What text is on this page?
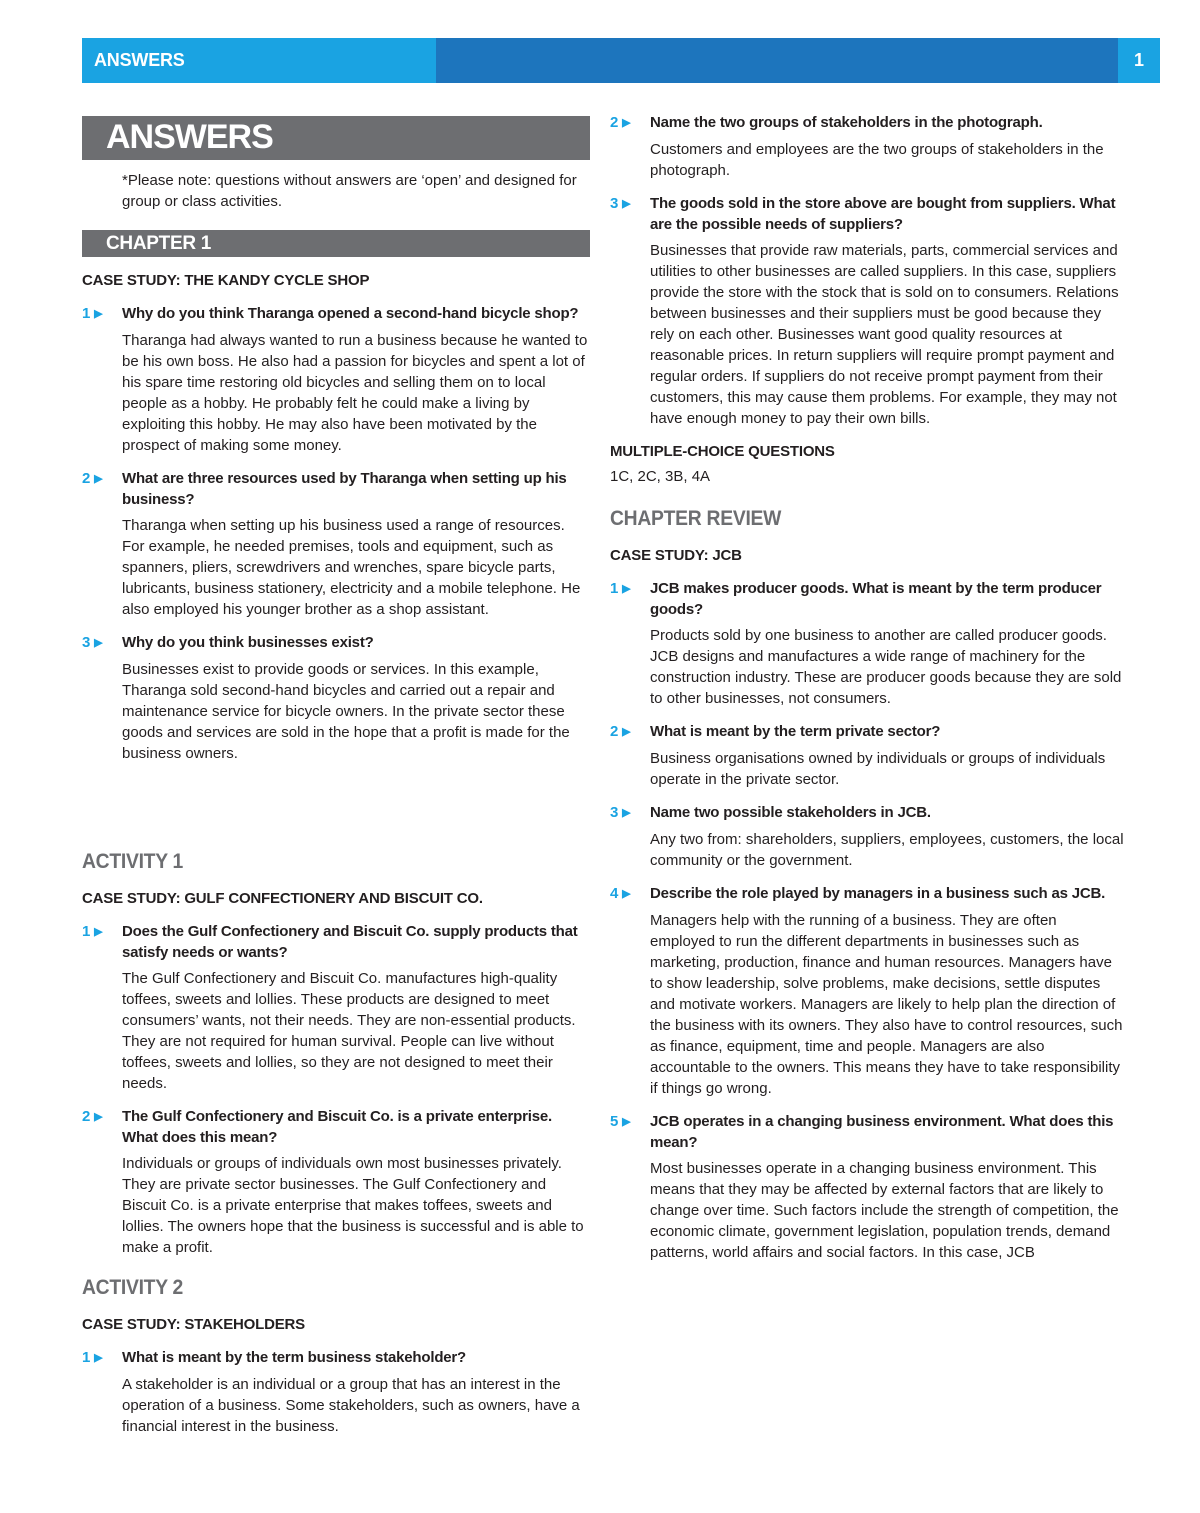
ANSWERS	1
ANSWERS
*Please note: questions without answers are ‘open’ and designed for group or class activities.
CHAPTER 1
CASE STUDY: THE KANDY CYCLE SHOP
1 ▶	Why do you think Tharanga opened a second-hand bicycle shop?
Tharanga had always wanted to run a business because he wanted to be his own boss. He also had a passion for bicycles and spent a lot of his spare time restoring old bicycles and selling them on to local people as a hobby. He probably felt he could make a living by exploiting this hobby. He may also have been motivated by the prospect of making some money.
2 ▶	What are three resources used by Tharanga when setting up his business?
Tharanga when setting up his business used a range of resources. For example, he needed premises, tools and equipment, such as spanners, pliers, screwdrivers and wrenches, spare bicycle parts, lubricants, business stationery, electricity and a mobile telephone. He also employed his younger brother as a shop assistant.
3 ▶	Why do you think businesses exist?
Businesses exist to provide goods or services. In this example, Tharanga sold second-hand bicycles and carried out a repair and maintenance service for bicycle owners. In the private sector these goods and services are sold in the hope that a profit is made for the business owners.
ACTIVITY 1
CASE STUDY: GULF CONFECTIONERY AND BISCUIT CO.
1 ▶	Does the Gulf Confectionery and Biscuit Co. supply products that satisfy needs or wants?
The Gulf Confectionery and Biscuit Co. manufactures high-quality toffees, sweets and lollies. These products are designed to meet consumers’ wants, not their needs. They are non-essential products. They are not required for human survival. People can live without toffees, sweets and lollies, so they are not designed to meet their needs.
2 ▶	The Gulf Confectionery and Biscuit Co. is a private enterprise. What does this mean?
Individuals or groups of individuals own most businesses privately. They are private sector businesses. The Gulf Confectionery and Biscuit Co. is a private enterprise that makes toffees, sweets and lollies. The owners hope that the business is successful and is able to make a profit.
ACTIVITY 2
CASE STUDY: STAKEHOLDERS
1 ▶	What is meant by the term business stakeholder?
A stakeholder is an individual or a group that has an interest in the operation of a business. Some stakeholders, such as owners, have a financial interest in the business.
2 ▶	Name the two groups of stakeholders in the photograph.
Customers and employees are the two groups of stakeholders in the photograph.
3 ▶	The goods sold in the store above are bought from suppliers. What are the possible needs of suppliers?
Businesses that provide raw materials, parts, commercial services and utilities to other businesses are called suppliers. In this case, suppliers provide the store with the stock that is sold on to consumers. Relations between businesses and their suppliers must be good because they rely on each other. Businesses want good quality resources at reasonable prices. In return suppliers will require prompt payment and regular orders. If suppliers do not receive prompt payment from their customers, this may cause them problems. For example, they may not have enough money to pay their own bills.
MULTIPLE-CHOICE QUESTIONS
1C, 2C, 3B, 4A
CHAPTER REVIEW
CASE STUDY: JCB
1 ▶	JCB makes producer goods. What is meant by the term producer goods?
Products sold by one business to another are called producer goods. JCB designs and manufactures a wide range of machinery for the construction industry. These are producer goods because they are sold to other businesses, not consumers.
2 ▶	What is meant by the term private sector?
Business organisations owned by individuals or groups of individuals operate in the private sector.
3 ▶	Name two possible stakeholders in JCB.
Any two from: shareholders, suppliers, employees, customers, the local community or the government.
4 ▶	Describe the role played by managers in a business such as JCB.
Managers help with the running of a business. They are often employed to run the different departments in businesses such as marketing, production, finance and human resources. Managers have to show leadership, solve problems, make decisions, settle disputes and motivate workers. Managers are likely to help plan the direction of the business with its owners. They also have to control resources, such as finance, equipment, time and people. Managers are also accountable to the owners. This means they have to take responsibility if things go wrong.
5 ▶	JCB operates in a changing business environment. What does this mean?
Most businesses operate in a changing business environment. This means that they may be affected by external factors that are likely to change over time. Such factors include the strength of competition, the economic climate, government legislation, population trends, demand patterns, world affairs and social factors. In this case, JCB
